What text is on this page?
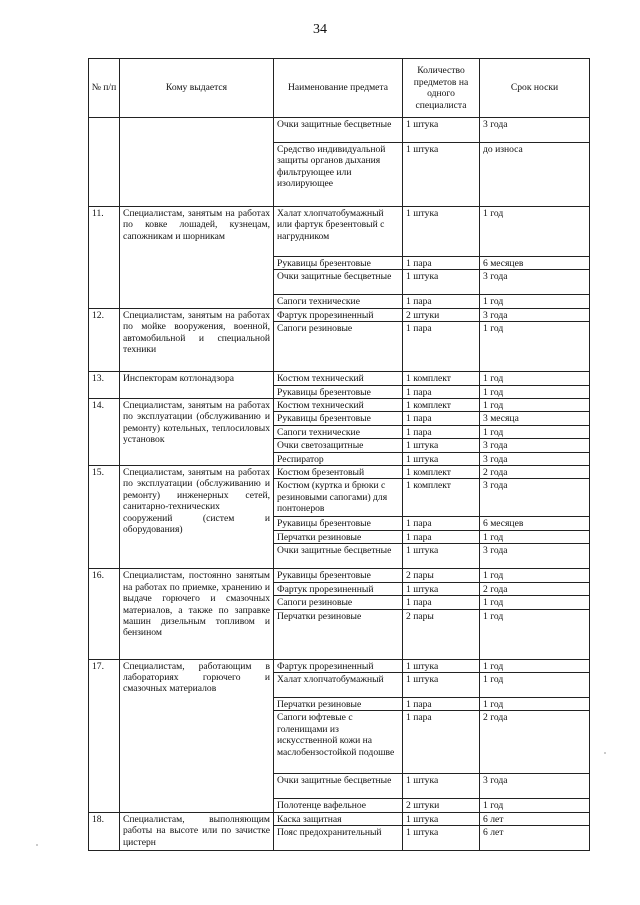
34
№ п/п	Кому выдается	Наименование предмета	Количество предметов на одного специалиста	Срок носки
		Очки защитные бесцветные	1 штука	3 года
		Средство индивидуальной защиты органов дыхания фильтрующее или изолирующее	1 штука	до износа
11.	Специалистам, занятым на работах по ковке лошадей, кузнецам, сапожникам и шорникам	Халат хлопчатобумажный или фартук брезентовый с нагрудником	1 штука	1 год
		Рукавицы брезентовые	1 пара	6 месяцев
		Очки защитные бесцветные	1 штука	3 года
		Сапоги технические	1 пара	1 год
12.	Специалистам, занятым на работах по мойке вооружения, военной, автомобильной и специальной техники	Фартук прорезиненный	2 штуки	3 года
		Сапоги резиновые	1 пара	1 год
13.	Инспекторам котлонадзора	Костюм технический	1 комплект	1 год
		Рукавицы брезентовые	1 пара	1 год
14.	Специалистам, занятым на работах по эксплуатации (обслуживанию и ремонту) котельных, теплосиловых установок	Костюм технический	1 комплект	1 год
		Рукавицы брезентовые	1 пара	3 месяца
		Сапоги технические	1 пара	1 год
		Очки светозащитные	1 штука	3 года
		Респиратор	1 штука	3 года
15.	Специалистам, занятым на работах по эксплуатации (обслуживанию и ремонту) инженерных сетей, санитарно-технических сооружений (систем и оборудования)	Костюм брезентовый	1 комплект	2 года
		Костюм (куртка и брюки с резиновыми сапогами) для понтонеров	1 комплект	3 года
		Рукавицы брезентовые	1 пара	6 месяцев
		Перчатки резиновые	1 пара	1 год
		Очки защитные бесцветные	1 штука	3 года
16.	Специалистам, постоянно занятым на работах по приемке, хранению и выдаче горючего и смазочных материалов, а также по заправке машин дизельным топливом и бензином	Рукавицы брезентовые	2 пары	1 год
		Фартук прорезиненный	1 штука	2 года
		Сапоги резиновые	1 пара	1 год
		Перчатки резиновые	2 пары	1 год
17.	Специалистам, работающим в лабораториях горючего и смазочных материалов	Фартук прорезиненный	1 штука	1 год
		Халат хлопчатобумажный	1 штука	1 год
		Перчатки резиновые	1 пара	1 год
		Сапоги юфтевые с голенищами из искусственной кожи на маслобензостойкой подошве	1 пара	2 года
		Очки защитные бесцветные	1 штука	3 года
		Полотенце вафельное	2 штуки	1 год
18.	Специалистам, выполняющим работы на высоте или по зачистке цистерн	Каска защитная	1 штука	6 лет
		Пояс предохранительный	1 штука	6 лет
